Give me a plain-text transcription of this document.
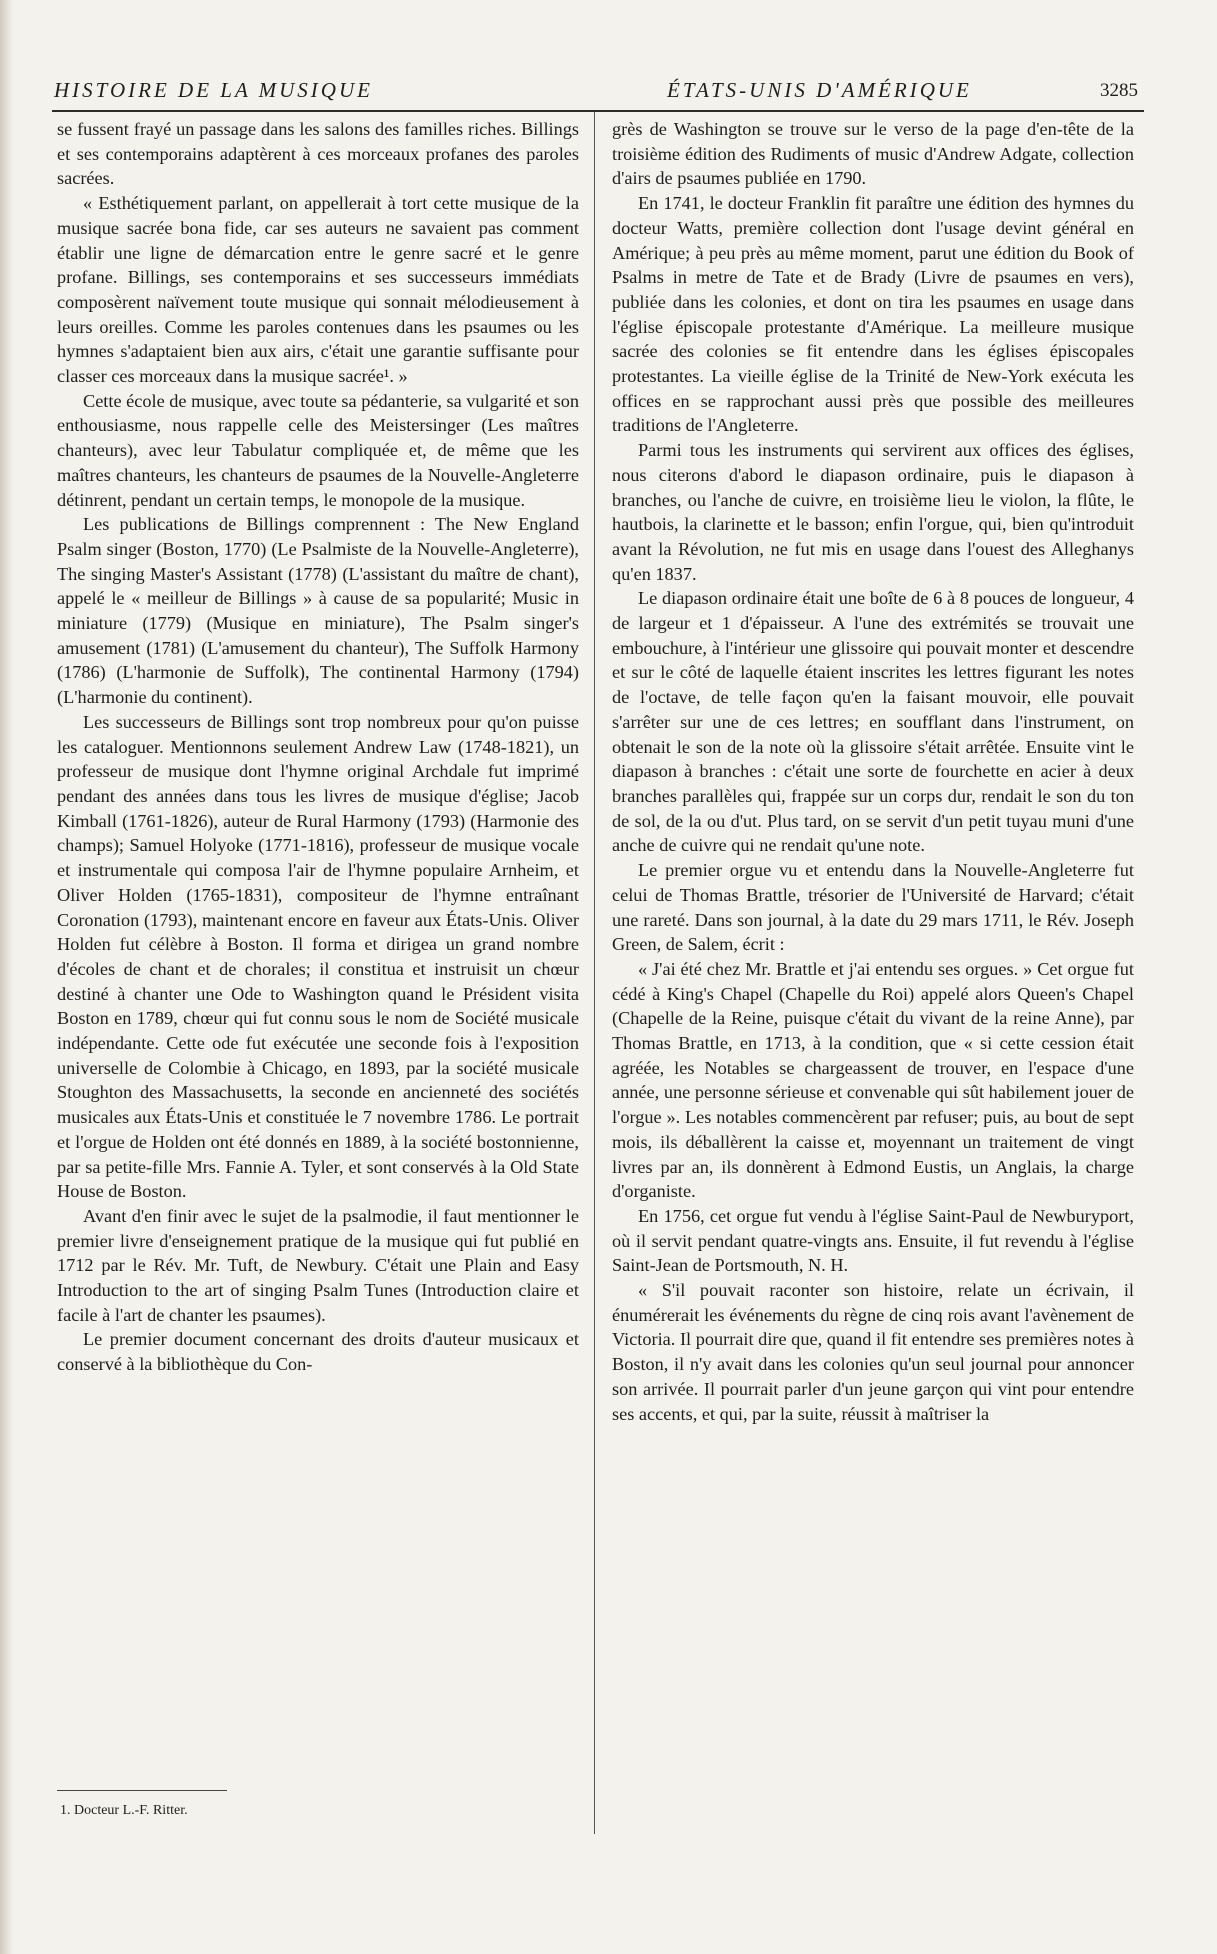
HISTOIRE DE LA MUSIQUE	ÉTATS-UNIS D'AMÉRIQUE	3285

se fussent frayé un passage dans les salons des familles riches. Billings et ses contemporains adaptèrent à ces morceaux profanes des paroles sacrées.

« Esthétiquement parlant, on appellerait à tort cette musique de la musique sacrée bona fide, car ses auteurs ne savaient pas comment établir une ligne de démarcation entre le genre sacré et le genre profane. Billings, ses contemporains et ses successeurs immédiats composèrent naïvement toute musique qui sonnait mélodieusement à leurs oreilles. Comme les paroles contenues dans les psaumes ou les hymnes s'adaptaient bien aux airs, c'était une garantie suffisante pour classer ces morceaux dans la musique sacrée¹. »

Cette école de musique, avec toute sa pédanterie, sa vulgarité et son enthousiasme, nous rappelle celle des Meistersinger (Les maîtres chanteurs), avec leur Tabulatur compliquée et, de même que les maîtres chanteurs, les chanteurs de psaumes de la Nouvelle-Angleterre détinrent, pendant un certain temps, le monopole de la musique.

Les publications de Billings comprennent : The New England Psalm singer (Boston, 1770) (Le Psalmiste de la Nouvelle-Angleterre), The singing Master's Assistant (1778) (L'assistant du maître de chant), appelé le « meilleur de Billings » à cause de sa popularité; Music in miniature (1779) (Musique en miniature), The Psalm singer's amusement (1781) (L'amusement du chanteur), The Suffolk Harmony (1786) (L'harmonie de Suffolk), The continental Harmony (1794) (L'harmonie du continent).

Les successeurs de Billings sont trop nombreux pour qu'on puisse les cataloguer. Mentionnons seulement Andrew Law (1748-1821), un professeur de musique dont l'hymne original Archdale fut imprimé pendant des années dans tous les livres de musique d'église; Jacob Kimball (1761-1826), auteur de Rural Harmony (1793) (Harmonie des champs); Samuel Holyoke (1771-1816), professeur de musique vocale et instrumentale qui composa l'air de l'hymne populaire Arnheim, et Oliver Holden (1765-1831), compositeur de l'hymne entraînant Coronation (1793), maintenant encore en faveur aux États-Unis. Oliver Holden fut célèbre à Boston. Il forma et dirigea un grand nombre d'écoles de chant et de chorales; il constitua et instruisit un chœur destiné à chanter une Ode to Washington quand le Président visita Boston en 1789, chœur qui fut connu sous le nom de Société musicale indépendante. Cette ode fut exécutée une seconde fois à l'exposition universelle de Colombie à Chicago, en 1893, par la société musicale Stoughton des Massachusetts, la seconde en ancienneté des sociétés musicales aux États-Unis et constituée le 7 novembre 1786. Le portrait et l'orgue de Holden ont été donnés en 1889, à la société bostonnienne, par sa petite-fille Mrs. Fannie A. Tyler, et sont conservés à la Old State House de Boston.

Avant d'en finir avec le sujet de la psalmodie, il faut mentionner le premier livre d'enseignement pratique de la musique qui fut publié en 1712 par le Rév. Mr. Tuft, de Newbury. C'était une Plain and Easy Introduction to the art of singing Psalm Tunes (Introduction claire et facile à l'art de chanter les psaumes).

Le premier document concernant des droits d'auteur musicaux et conservé à la bibliothèque du Con-

grès de Washington se trouve sur le verso de la page d'en-tête de la troisième édition des Rudiments of music d'Andrew Adgate, collection d'airs de psaumes publiée en 1790.

En 1741, le docteur Franklin fit paraître une édition des hymnes du docteur Watts, première collection dont l'usage devint général en Amérique; à peu près au même moment, parut une édition du Book of Psalms in metre de Tate et de Brady (Livre de psaumes en vers), publiée dans les colonies, et dont on tira les psaumes en usage dans l'église épiscopale protestante d'Amérique. La meilleure musique sacrée des colonies se fit entendre dans les églises épiscopales protestantes. La vieille église de la Trinité de New-York exécuta les offices en se rapprochant aussi près que possible des meilleures traditions de l'Angleterre.

Parmi tous les instruments qui servirent aux offices des églises, nous citerons d'abord le diapason ordinaire, puis le diapason à branches, ou l'anche de cuivre, en troisième lieu le violon, la flûte, le hautbois, la clarinette et le basson; enfin l'orgue, qui, bien qu'introduit avant la Révolution, ne fut mis en usage dans l'ouest des Alleghanys qu'en 1837.

Le diapason ordinaire était une boîte de 6 à 8 pouces de longueur, 4 de largeur et 1 d'épaisseur. A l'une des extrémités se trouvait une embouchure, à l'intérieur une glissoire qui pouvait monter et descendre et sur le côté de laquelle étaient inscrites les lettres figurant les notes de l'octave, de telle façon qu'en la faisant mouvoir, elle pouvait s'arrêter sur une de ces lettres; en soufflant dans l'instrument, on obtenait le son de la note où la glissoire s'était arrêtée. Ensuite vint le diapason à branches : c'était une sorte de fourchette en acier à deux branches parallèles qui, frappée sur un corps dur, rendait le son du ton de sol, de la ou d'ut. Plus tard, on se servit d'un petit tuyau muni d'une anche de cuivre qui ne rendait qu'une note.

Le premier orgue vu et entendu dans la Nouvelle-Angleterre fut celui de Thomas Brattle, trésorier de l'Université de Harvard; c'était une rareté. Dans son journal, à la date du 29 mars 1711, le Rév. Joseph Green, de Salem, écrit :

« J'ai été chez Mr. Brattle et j'ai entendu ses orgues. » Cet orgue fut cédé à King's Chapel (Chapelle du Roi) appelé alors Queen's Chapel (Chapelle de la Reine, puisque c'était du vivant de la reine Anne), par Thomas Brattle, en 1713, à la condition, que « si cette cession était agréée, les Notables se chargeassent de trouver, en l'espace d'une année, une personne sérieuse et convenable qui sût habilement jouer de l'orgue ». Les notables commencèrent par refuser; puis, au bout de sept mois, ils déballèrent la caisse et, moyennant un traitement de vingt livres par an, ils donnèrent à Edmond Eustis, un Anglais, la charge d'organiste.

En 1756, cet orgue fut vendu à l'église Saint-Paul de Newburyport, où il servit pendant quatre-vingts ans. Ensuite, il fut revendu à l'église Saint-Jean de Portsmouth, N. H.

« S'il pouvait raconter son histoire, relate un écrivain, il énumérerait les événements du règne de cinq rois avant l'avènement de Victoria. Il pourrait dire que, quand il fit entendre ses premières notes à Boston, il n'y avait dans les colonies qu'un seul journal pour annoncer son arrivée. Il pourrait parler d'un jeune garçon qui vint pour entendre ses accents, et qui, par la suite, réussit à maîtriser la

1. Docteur L.-F. Ritter.
